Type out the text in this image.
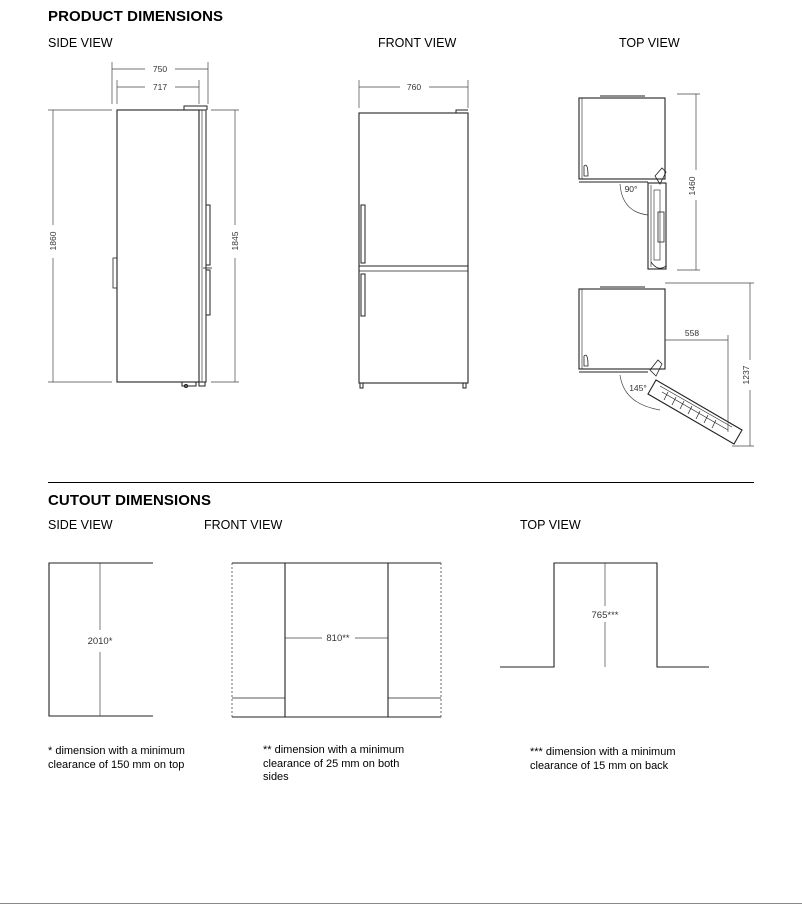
PRODUCT DIMENSIONS
SIDE VIEW	FRONT VIEW	TOP VIEW
CUTOUT DIMENSIONS
SIDE VIEW	FRONT VIEW	TOP VIEW
* dimension with a minimum
clearance of 150 mm on top
** dimension with a minimum
clearance of 25 mm on both
sides
*** dimension with a minimum
clearance of 15 mm on back
750
717
1860	1845
760
90°	1460
558
145°
1237
2010*	810**
765***
